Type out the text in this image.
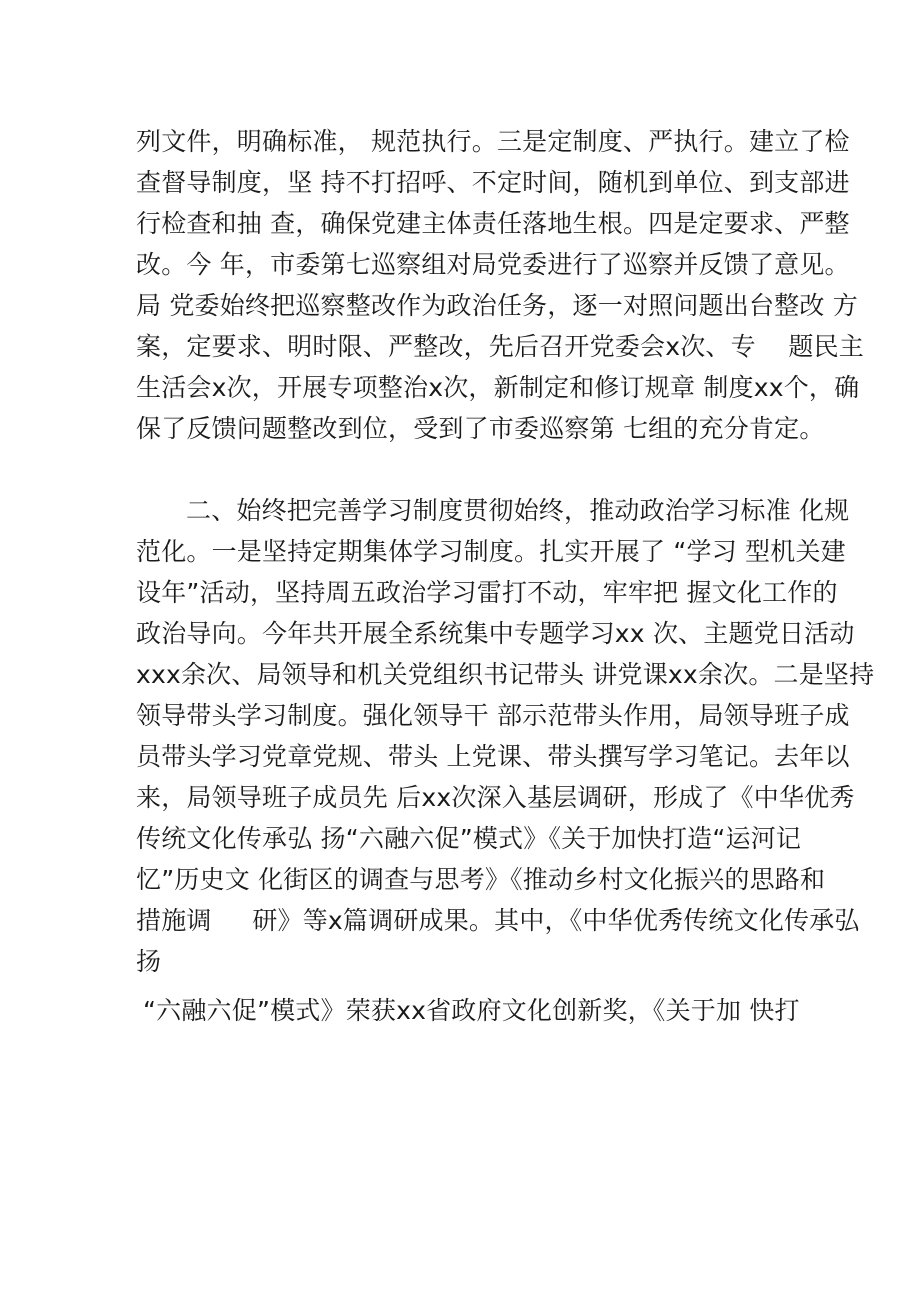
列文件，明确标准， 规范执行。三是定制度、严执行。建立了检
查督导制度，坚 持不打招呼、不定时间，随机到单位、到支部进
行检查和抽 查，确保党建主体责任落地生根。四是定要求、严整
改。今 年，市委第七巡察组对局党委进行了巡察并反馈了意见。
局 党委始终把巡察整改作为政治任务，逐一对照问题出台整改 方
案，定要求、明时限、严整改，先后召开党委会x次、专    题民主
生活会x次，开展专项整治x次，新制定和修订规章 制度xx个，确
保了反馈问题整改到位，受到了市委巡察第 七组的充分肯定。
二、始终把完善学习制度贯彻始终，推动政治学习标准 化规
范化。一是坚持定期集体学习制度。扎实开展了 “学习 型机关建
设年”活动，坚持周五政治学习雷打不动，牢牢把 握文化工作的
政治导向。今年共开展全系统集中专题学习xx 次、主题党日活动
xxx余次、局领导和机关党组织书记带头 讲党课xx余次。二是坚持
领导带头学习制度。强化领导干 部示范带头作用，局领导班子成
员带头学习党章党规、带头 上党课、带头撰写学习笔记。去年以
来，局领导班子成员先 后xx次深入基层调研，形成了《中华优秀
传统文化传承弘 扬“六融六促”模式》《关于加快打造“运河记
忆”历史文 化街区的调查与思考》《推动乡村文化振兴的思路和
措施调     研》等x篇调研成果。其中，《中华优秀传统文化传承弘
扬
“六融六促”模式》荣获xx省政府文化创新奖，《关于加 快打
